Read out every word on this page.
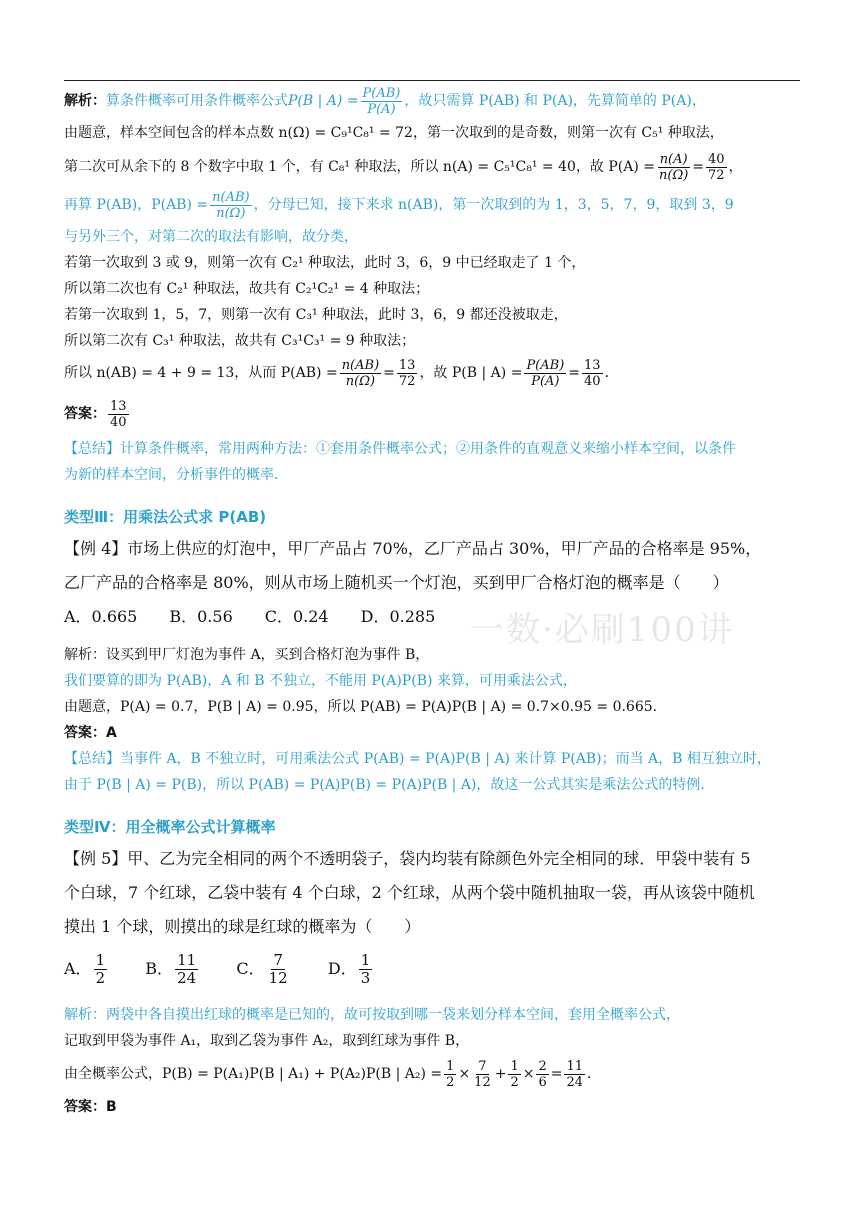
一数·必刷100讲
解析：算条件概率可用条件概率公式P(B | $A) = \frac{P(AB)}{P(A)}$ ，故只需算 P(AB) 和 P(A)，先算简单的 P(A)，
由题意，样本空间包含的样本点数 n(Ω) = C₉¹C₈¹ = 72，第一次取到的是奇数，则第一次有 C₅¹ 种取法，
第二次可从余下的 8 个数字中取 1 个，有 C₈¹ 种取法，所以 n(A) = C₅¹C₈¹ = 40，故 $P(A) = \frac{n(A)}{n(\Omega)} = \frac{40}{72}$ ，
再算 P(AB)，$P(AB) = \frac{n(AB)}{n(\Omega)}$ ，分母已知，接下来求 n(AB)，第一次取到的为 1，3，5，7，9，取到 3，9
与另外三个，对第二次的取法有影响，故分类，
若第一次取到 3 或 9，则第一次有 C₂¹ 种取法，此时 3，6，9 中已经取走了 1 个，
所以第二次也有 C₂¹ 种取法，故共有 C₂¹C₂¹ = 4 种取法；
若第一次取到 1，5，7，则第一次有 C₃¹ 种取法，此时 3，6，9 都还没被取走，
所以第二次有 C₃¹ 种取法，故共有 C₃¹C₃¹ = 9 种取法；
所以 n(AB) = 4 + 9 = 13，从而 $P(AB) = \frac{n(AB)}{n(\Omega)} = \frac{13}{72}$ ，故 P(B | $A) = \frac{P(AB)}{P(A)} = \frac{13}{40}$ ．
答案： $\frac{13}{40}$
【总结】计算条件概率，常用两种方法：①套用条件概率公式；②用条件的直观意义来缩小样本空间，以条件
为新的样本空间，分析事件的概率．
类型Ⅲ：用乘法公式求 P(AB)
【例 4】市场上供应的灯泡中，甲厂产品占 70%，乙厂产品占 30%，甲厂产品的合格率是 95%，
乙厂产品的合格率是 80%，则从市场上随机买一个灯泡，买到甲厂合格灯泡的概率是（　　）
A．0.665　　B．0.56　　C．0.24　　D．0.285
解析：设买到甲厂灯泡为事件 A，买到合格灯泡为事件 B，
我们要算的即为 P(AB)，A 和 B 不独立，不能用 P(A)P(B) 来算，可用乘法公式，
由题意，P(A) = 0.7，P(B | A) = 0.95，所以 P(AB) = P(A)P(B | A) = 0.7×0.95 = 0.665．
答案：A
【总结】当事件 A，B 不独立时，可用乘法公式 P(AB) = P(A)P(B | A) 来计算 P(AB)；而当 A，B 相互独立时，
由于 P(B | A) = P(B)，所以 P(AB) = P(A)P(B) = P(A)P(B | A)，故这一公式其实是乘法公式的特例．
类型Ⅳ：用全概率公式计算概率
【例 5】甲、乙为完全相同的两个不透明袋子，袋内均装有除颜色外完全相同的球．甲袋中装有 5
个白球，7 个红球，乙袋中装有 4 个白球，2 个红球，从两个袋中随机抽取一袋，再从该袋中随机
摸出 1 个球，则摸出的球是红球的概率为（　　）
A． $\frac{1}{2}$ B． $\frac{11}{24}$ C． $\frac{7}{12}$ D． $\frac{1}{3}$
解析：两袋中各自摸出红球的概率是已知的，故可按取到哪一袋来划分样本空间，套用全概率公式，
记取到甲袋为事件 A₁，取到乙袋为事件 A₂，取到红球为事件 B，
由全概率公式，P(B) = P(A₁)P(B | A₁) + P(A₂)P(B | $A_2) = \frac{1}{2} \times \frac{7}{12} + \frac{1}{2} \times \frac{2}{6} = \frac{11}{24}$ ．
答案：B
